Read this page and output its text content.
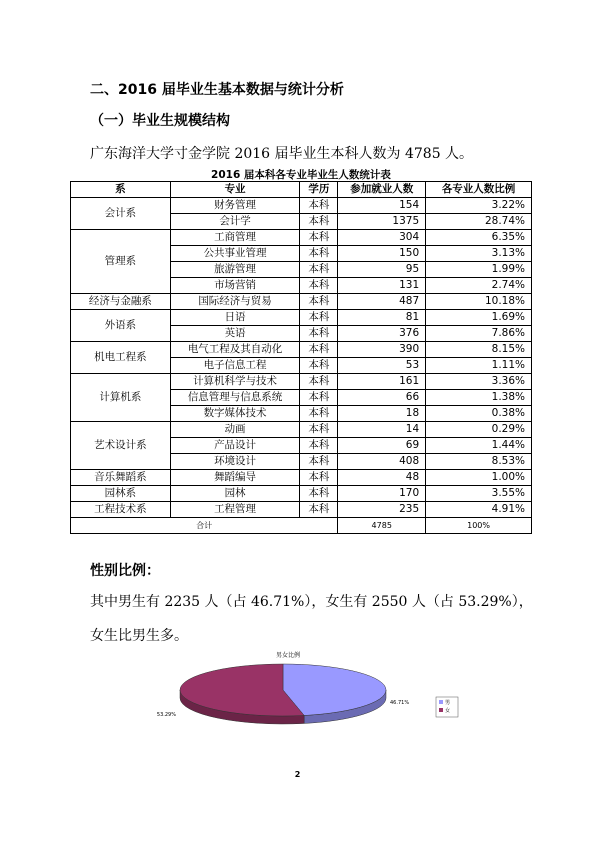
二、2016 届毕业生基本数据与统计分析
（一）毕业生规模结构
广东海洋大学寸金学院 2016 届毕业生本科人数为 4785 人。
2016 届本科各专业毕业生人数统计表
系	专业	学历	参加就业人数	各专业人数比例
会计系	财务管理	本科	154	3.22%
	会计学	本科	1375	28.74%
管理系	工商管理	本科	304	6.35%
	公共事业管理	本科	150	3.13%
	旅游管理	本科	95	1.99%
	市场营销	本科	131	2.74%
经济与金融系	国际经济与贸易	本科	487	10.18%
外语系	日语	本科	81	1.69%
	英语	本科	376	7.86%
机电工程系	电气工程及其自动化	本科	390	8.15%
	电子信息工程	本科	53	1.11%
计算机系	计算机科学与技术	本科	161	3.36%
	信息管理与信息系统	本科	66	1.38%
	数字媒体技术	本科	18	0.38%
艺术设计系	动画	本科	14	0.29%
	产品设计	本科	69	1.44%
	环境设计	本科	408	8.53%
音乐舞蹈系	舞蹈编导	本科	48	1.00%
园林系	园林	本科	170	3.55%
工程技术系	工程管理	本科	235	4.91%
合计			4785	100%
性别比例：
其中男生有 2235 人（占 46.71%），女生有 2550 人（占 53.29%），
女生比男生多。
男女比例
46.71%
53.29%
男
女
2
